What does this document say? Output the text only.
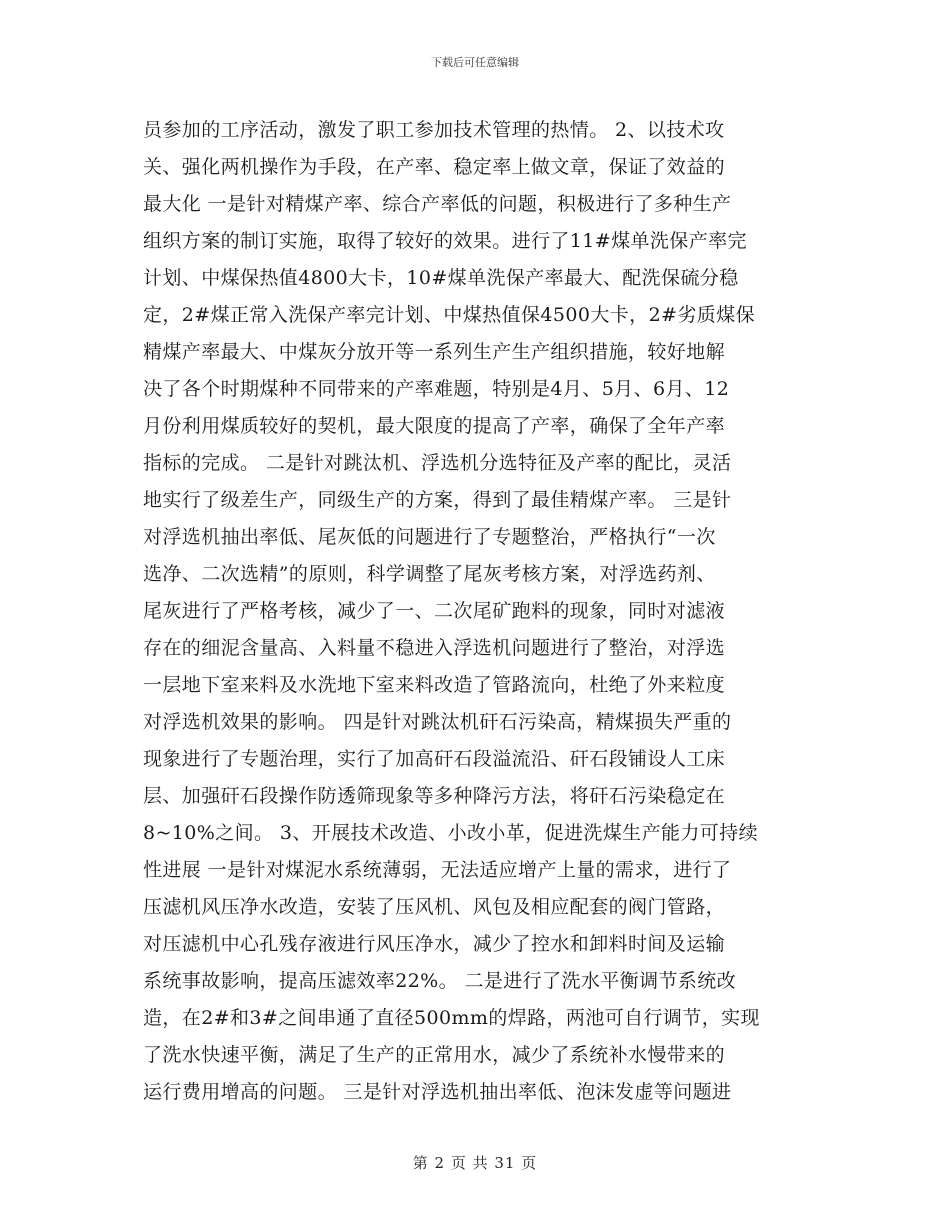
下载后可任意编辑
员参加的工序活动，激发了职工参加技术管理的热情。 2、以技术攻
关、强化两机操作为手段，在产率、稳定率上做文章，保证了效益的
最大化 一是针对精煤产率、综合产率低的问题，积极进行了多种生产
组织方案的制订实施，取得了较好的效果。进行了11#煤单洗保产率完
计划、中煤保热值4800大卡，10#煤单洗保产率最大、配洗保硫分稳
定，2#煤正常入洗保产率完计划、中煤热值保4500大卡，2#劣质煤保
精煤产率最大、中煤灰分放开等一系列生产生产组织措施，较好地解
决了各个时期煤种不同带来的产率难题，特别是4月、5月、6月、12
月份利用煤质较好的契机，最大限度的提高了产率，确保了全年产率
指标的完成。 二是针对跳汰机、浮选机分选特征及产率的配比，灵活
地实行了级差生产，同级生产的方案，得到了最佳精煤产率。 三是针
对浮选机抽出率低、尾灰低的问题进行了专题整治，严格执行“一次
选净、二次选精”的原则，科学调整了尾灰考核方案，对浮选药剂、
尾灰进行了严格考核，减少了一、二次尾矿跑料的现象，同时对滤液
存在的细泥含量高、入料量不稳进入浮选机问题进行了整治，对浮选
一层地下室来料及水洗地下室来料改造了管路流向，杜绝了外来粒度
对浮选机效果的影响。 四是针对跳汰机矸石污染高，精煤损失严重的
现象进行了专题治理，实行了加高矸石段溢流沿、矸石段铺设人工床
层、加强矸石段操作防透筛现象等多种降污方法，将矸石污染稳定在
8~10%之间。 3、开展技术改造、小改小革，促进洗煤生产能力可持续
性进展 一是针对煤泥水系统薄弱，无法适应增产上量的需求，进行了
压滤机风压净水改造，安装了压风机、风包及相应配套的阀门管路，
对压滤机中心孔残存液进行风压净水，减少了控水和卸料时间及运输
系统事故影响，提高压滤效率22%。 二是进行了洗水平衡调节系统改
造，在2#和3#之间串通了直径500mm的焊路，两池可自行调节，实现
了洗水快速平衡，满足了生产的正常用水，减少了系统补水慢带来的
运行费用增高的问题。 三是针对浮选机抽出率低、泡沫发虚等问题进
第 2 页 共 31 页
